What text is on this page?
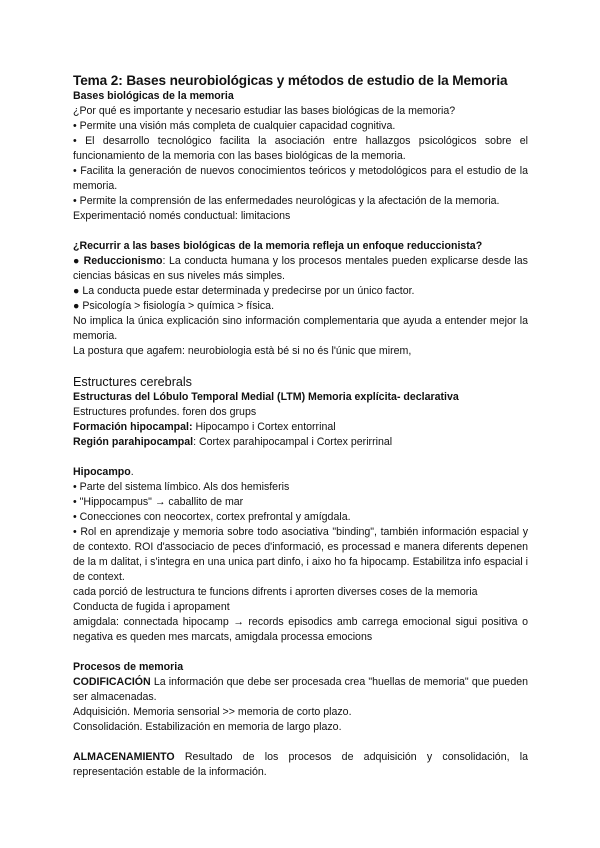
Tema 2: Bases neurobiológicas y métodos de estudio de la Memoria

Bases biológicas de la memoria

¿Por qué es importante y necesario estudiar las bases biológicas de la memoria?

• Permite una visión más completa de cualquier capacidad cognitiva.

• El desarrollo tecnológico facilita la asociación entre hallazgos psicológicos sobre el funcionamiento de la memoria con las bases biológicas de la memoria.

• Facilita la generación de nuevos conocimientos teóricos y metodológicos para el estudio de la memoria.

• Permite la comprensión de las enfermedades neurológicas y la afectación de la memoria.

Experimentació només conductual: limitacions

¿Recurrir a las bases biológicas de la memoria refleja un enfoque reduccionista?

● Reduccionismo: La conducta humana y los procesos mentales pueden explicarse desde las ciencias básicas en sus niveles más simples.

● La conducta puede estar determinada y predecirse por un único factor.

● Psicología > fisiología > química > física.

No implica la única explicación sino información complementaria que ayuda a entender mejor la memoria.

La postura que agafem: neurobiologia està bé si no és l'únic que mirem,

Estructures cerebrals

Estructuras del Lóbulo Temporal Medial (LTM) Memoria explícita- declarativa

Estructures profundes. foren dos grups

Formación hipocampal: Hipocampo i Cortex entorrinal

Región parahipocampal: Cortex parahipocampal i Cortex perirrinal

Hipocampo.

• Parte del sistema límbico. Als dos hemisferis

• "Hippocampus" → caballito de mar

• Conecciones con neocortex, cortex prefrontal y amígdala.

• Rol en aprendizaje y memoria sobre todo asociativa "binding", también información espacial y de contexto. ROI d'associacio de peces d'informació, es processad e manera diferents depenen de la m dalitat, i s'integra en una unica part dinfo, i aixo ho fa hipocamp. Estabilitza info espacial i de context.

cada porció de lestructura te funcions difrents i aprorten diverses coses de la memoria

Conducta de fugida i apropament

amigdala: connectada hipocamp → records episodics amb carrega emocional sigui positiva o negativa es queden mes marcats, amigdala processa emocions

Procesos de memoria

CODIFICACIÓN La información que debe ser procesada crea "huellas de memoria" que pueden ser almacenadas.

Adquisición. Memoria sensorial >> memoria de corto plazo.

Consolidación. Estabilización en memoria de largo plazo.

ALMACENAMIENTO Resultado de los procesos de adquisición y consolidación, la representación estable de la información.
